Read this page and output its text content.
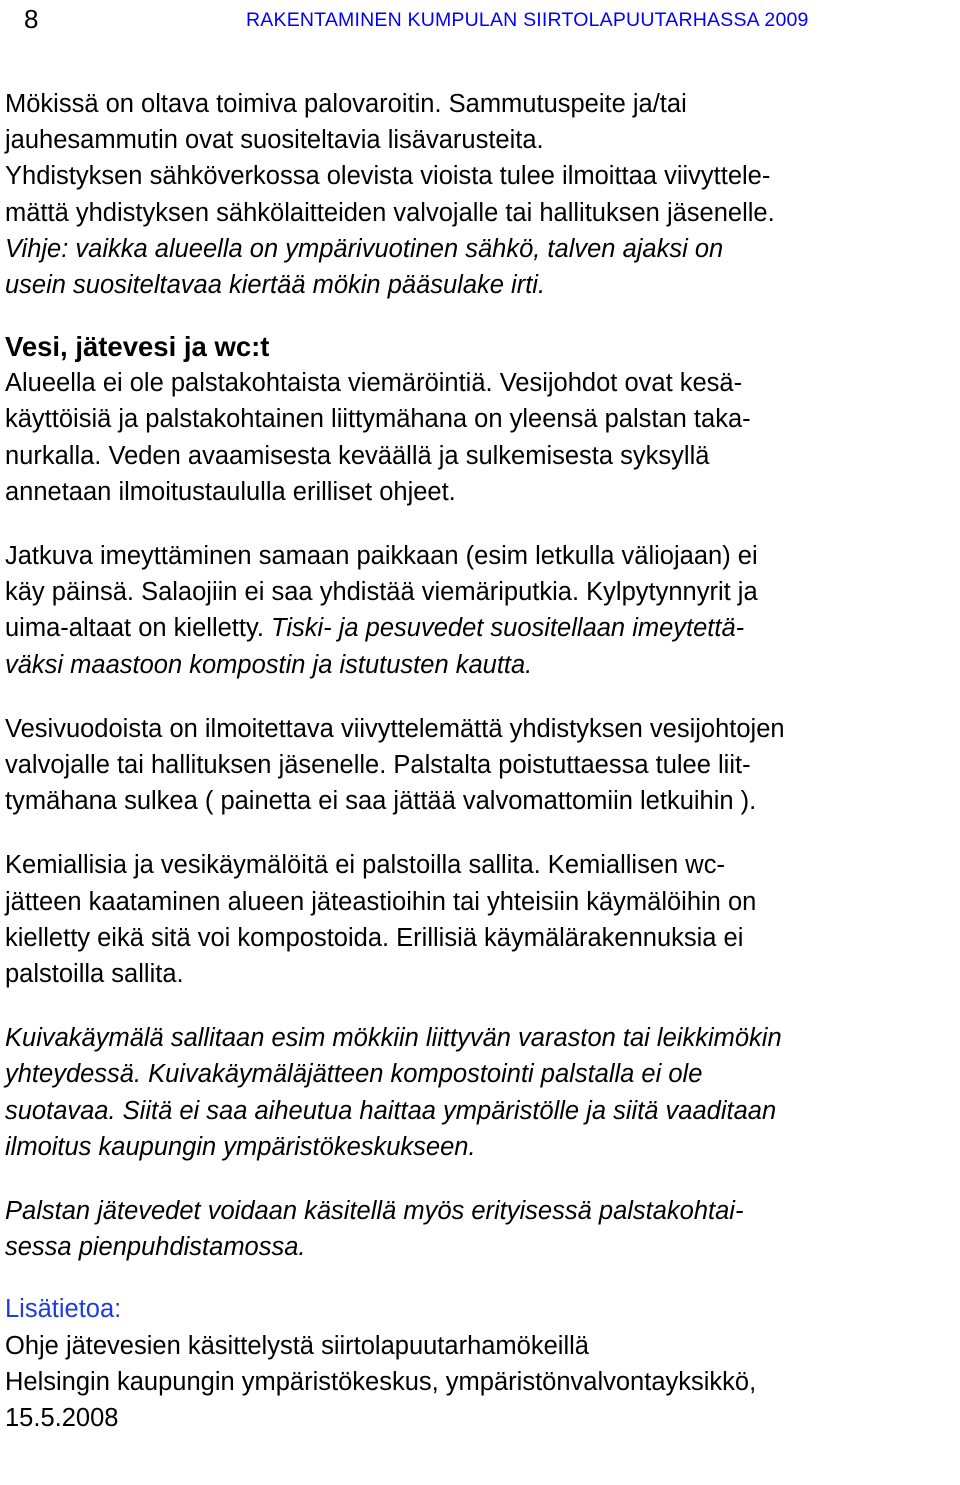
8	RAKENTAMINEN KUMPULAN SIIRTOLAPUUTARHASSA 2009

Mökissä on oltava toimiva palovaroitin. Sammutuspeite ja/tai
jauhesammutin ovat suositeltavia lisävarusteita.
Yhdistyksen sähköverkossa olevista vioista tulee ilmoittaa viivyttele-
mättä yhdistyksen sähkölaitteiden valvojalle tai hallituksen jäsenelle.
Vihje: vaikka alueella on ympärivuotinen sähkö, talven ajaksi on
usein suositeltavaa kiertää mökin pääsulake irti.

Vesi, jätevesi ja wc:t

Alueella ei ole palstakohtaista viemäröintiä. Vesijohdot ovat kesä-
käyttöisiä ja palstakohtainen liittymähana on yleensä palstan taka-
nurkalla. Veden avaamisesta keväällä ja sulkemisesta syksyllä
annetaan ilmoitustaululla erilliset ohjeet.

Jatkuva imeyttäminen samaan paikkaan (esim letkulla väliojaan) ei
käy päinsä. Salaojiin ei saa yhdistää viemäriputkia. Kylpytynnyrit ja
uima-altaat on kielletty. Tiski- ja pesuvedet suositellaan imeytettä-
väksi maastoon kompostin ja istutusten kautta.

Vesivuodoista on ilmoitettava viivyttelemättä yhdistyksen vesijohtojen
valvojalle tai hallituksen jäsenelle. Palstalta poistuttaessa tulee liit-
tymähana sulkea ( painetta ei saa jättää valvomattomiin letkuihin ).

Kemiallisia ja vesikäymälöitä ei palstoilla sallita. Kemiallisen wc-
jätteen kaataminen alueen jäteastioihin tai yhteisiin käymälöihin on
kielletty eikä sitä voi kompostoida. Erillisiä käymälärakennuksia ei
palstoilla sallita.

Kuivakäymälä sallitaan esim mökkiin liittyvän varaston tai leikkimökin
yhteydessä. Kuivakäymäläjätteen kompostointi palstalla ei ole
suotavaa. Siitä ei saa aiheutua haittaa ympäristölle ja siitä vaaditaan
ilmoitus kaupungin ympäristökeskukseen.

Palstan jätevedet voidaan käsitellä myös erityisessä palstakohtai-
sessa pienpuhdistamossa.

Lisätietoa:
Ohje jätevesien käsittelystä siirtolapuutarhamökeillä
Helsingin kaupungin ympäristökeskus, ympäristönvalvontayksikkö,
15.5.2008
